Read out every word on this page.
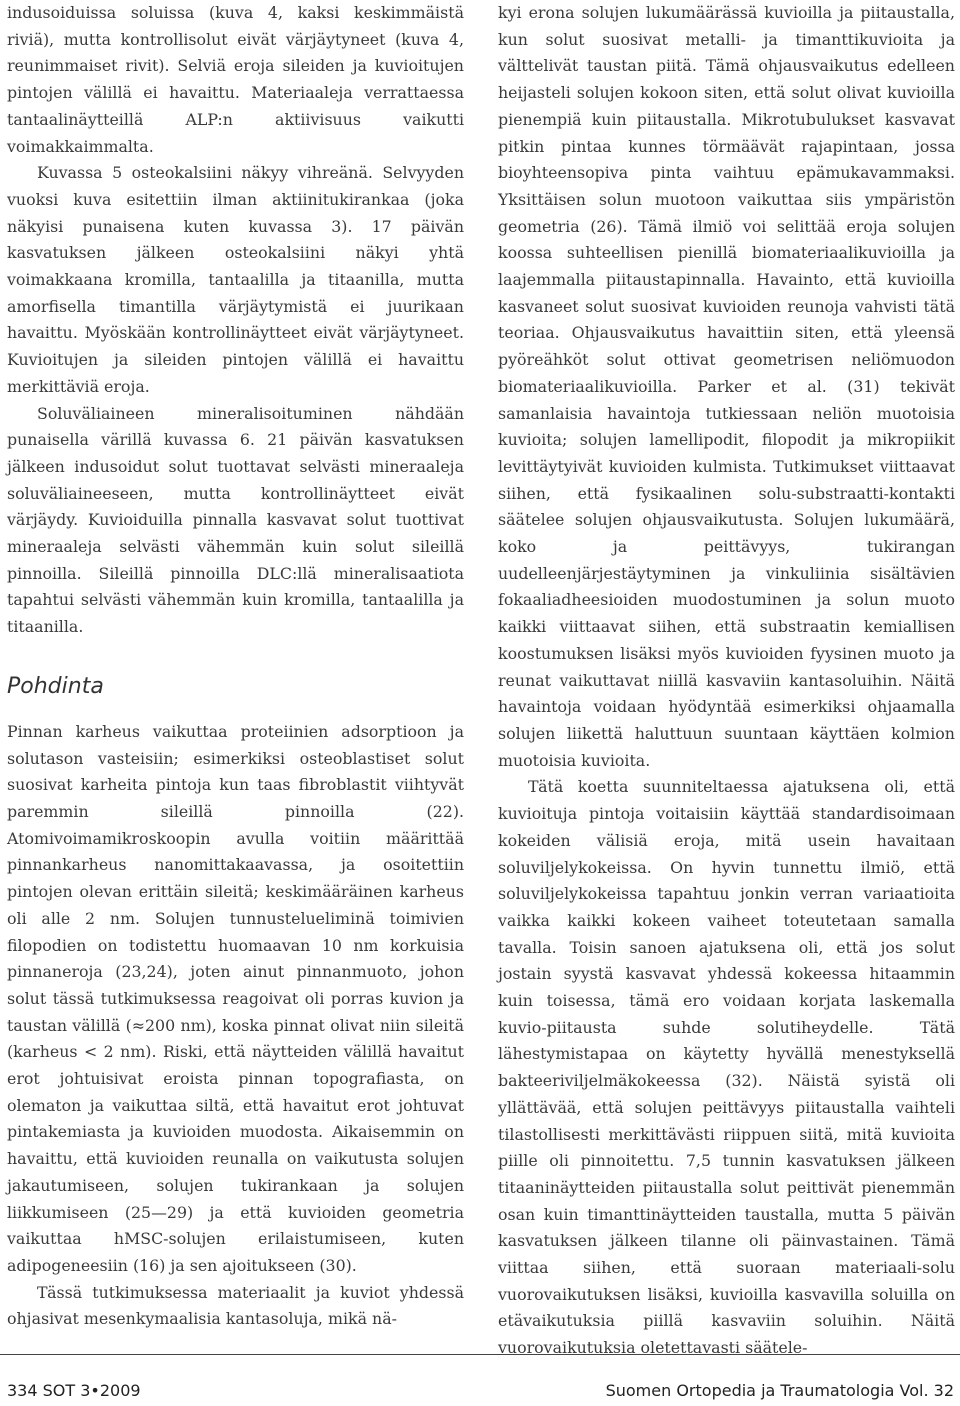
indusoiduissa soluissa (kuva 4, kaksi keskimmäistä riviä), mutta kontrollisolut eivät värjäytyneet (kuva 4, reunimmaiset rivit). Selviä eroja sileiden ja kuvioitujen pintojen välillä ei havaittu. Materiaaleja verrattaessa tantaalinäytteillä ALP:n aktiivisuus vaikutti voimakkaimmalta.

Kuvassa 5 osteokalsiini näkyy vihreänä. Selvyyden vuoksi kuva esitettiin ilman aktiinitukirankaa (joka näkyisi punaisena kuten kuvassa 3). 17 päivän kasvatuksen jälkeen osteokalsiini näkyi yhtä voimakkaana kromilla, tantaalilla ja titaanilla, mutta amorfisella timantilla värjäytymistä ei juurikaan havaittu. Myöskään kontrollinäytteet eivät värjäytyneet. Kuvioitujen ja sileiden pintojen välillä ei havaittu merkittäviä eroja.

Soluväliaineen mineralisoituminen nähdään punaisella värillä kuvassa 6. 21 päivän kasvatuksen jälkeen indusoidut solut tuottavat selvästi mineraaleja soluväliaineeseen, mutta kontrollinäytteet eivät värjäydy. Kuvioiduilla pinnalla kasvavat solut tuottivat mineraaleja selvästi vähemmän kuin solut sileillä pinnoilla. Sileillä pinnoilla DLC:llä mineralisaatiota tapahtui selvästi vähemmän kuin kromilla, tantaalilla ja titaanilla.

Pohdinta

Pinnan karheus vaikuttaa proteiinien adsorptioon ja solutason vasteisiin; esimerkiksi osteoblastiset solut suosivat karheita pintoja kun taas fibroblastit viihtyvät paremmin sileillä pinnoilla (22). Atomivoimamikroskoopin avulla voitiin määrittää pinnankarheus nanomittakaavassa, ja osoitettiin pintojen olevan erittäin sileitä; keskimääräinen karheus oli alle 2 nm. Solujen tunnustelueliminä toimivien filopodien on todistettu huomaavan 10 nm korkuisia pinnaneroja (23,24), joten ainut pinnanmuoto, johon solut tässä tutkimuksessa reagoivat oli porras kuvion ja taustan välillä (≈200 nm), koska pinnat olivat niin sileitä (karheus < 2 nm). Riski, että näytteiden välillä havaitut erot johtuisivat eroista pinnan topografiasta, on olematon ja vaikuttaa siltä, että havaitut erot johtuvat pintakemiasta ja kuvioiden muodosta. Aikaisemmin on havaittu, että kuvioiden reunalla on vaikutusta solujen jakautumiseen, solujen tukirankaan ja solujen liikkumiseen (25—29) ja että kuvioiden geometria vaikuttaa hMSC-solujen erilaistumiseen, kuten adipogeneesiin (16) ja sen ajoitukseen (30).

Tässä tutkimuksessa materiaalit ja kuviot yhdessä ohjasivat mesenkymaalisia kantasoluja, mikä nä-

kyi erona solujen lukumäärässä kuvioilla ja piitaustalla, kun solut suosivat metalli- ja timanttikuvioita ja välttelivät taustan piitä. Tämä ohjausvaikutus edelleen heijasteli solujen kokoon siten, että solut olivat kuvioilla pienempiä kuin piitaustalla. Mikrotubulukset kasvavat pitkin pintaa kunnes törmäävät rajapintaan, jossa bioyhteensopiva pinta vaihtuu epämukavammaksi. Yksittäisen solun muotoon vaikuttaa siis ympäristön geometria (26). Tämä ilmiö voi selittää eroja solujen koossa suhteellisen pienillä biomateriaalikuvioilla ja laajemmalla piitaustapinnalla. Havainto, että kuvioilla kasvaneet solut suosivat kuvioiden reunoja vahvisti tätä teoriaa. Ohjausvaikutus havaittiin siten, että yleensä pyöreähköt solut ottivat geometrisen neliömuodon biomateriaalikuvioilla. Parker et al. (31) tekivät samanlaisia havaintoja tutkiessaan neliön muotoisia kuvioita; solujen lamellipodit, filopodit ja mikropiikit levittäytyivät kuvioiden kulmista. Tutkimukset viittaavat siihen, että fysikaalinen solu-substraatti-kontakti säätelee solujen ohjausvaikutusta. Solujen lukumäärä, koko ja peittävyys, tukirangan uudelleenjärjestäytyminen ja vinkuliinia sisältävien fokaaliadheesioiden muodostuminen ja solun muoto kaikki viittaavat siihen, että substraatin kemiallisen koostumuksen lisäksi myös kuvioiden fyysinen muoto ja reunat vaikuttavat niillä kasvaviin kantasoluihin. Näitä havaintoja voidaan hyödyntää esimerkiksi ohjaamalla solujen liikettä haluttuun suuntaan käyttäen kolmion muotoisia kuvioita.

Tätä koetta suunniteltaessa ajatuksena oli, että kuvioituja pintoja voitaisiin käyttää standardisoimaan kokeiden välisiä eroja, mitä usein havaitaan soluviljelykokeissa. On hyvin tunnettu ilmiö, että soluviljelykokeissa tapahtuu jonkin verran variaatioita vaikka kaikki kokeen vaiheet toteutetaan samalla tavalla. Toisin sanoen ajatuksena oli, että jos solut jostain syystä kasvavat yhdessä kokeessa hitaammin kuin toisessa, tämä ero voidaan korjata laskemalla kuvio-piitausta suhde solutiheydelle. Tätä lähestymistapaa on käytetty hyvällä menestyksellä bakteeriviljelmäkokeessa (32). Näistä syistä oli yllättävää, että solujen peittävyys piitaustalla vaihteli tilastollisesti merkittävästi riippuen siitä, mitä kuvioita piille oli pinnoitettu. 7,5 tunnin kasvatuksen jälkeen titaaninäytteiden piitaustalla solut peittivät pienemmän osan kuin timanttinäytteiden taustalla, mutta 5 päivän kasvatuksen jälkeen tilanne oli päinvastainen. Tämä viittaa siihen, että suoraan materiaali-solu vuorovaikutuksen lisäksi, kuvioilla kasvavilla soluilla on etävaikutuksia piillä kasvaviin soluihin. Näitä vuorovaikutuksia oletettavasti säätele-

334 SOT 3•2009	Suomen Ortopedia ja Traumatologia Vol. 32
